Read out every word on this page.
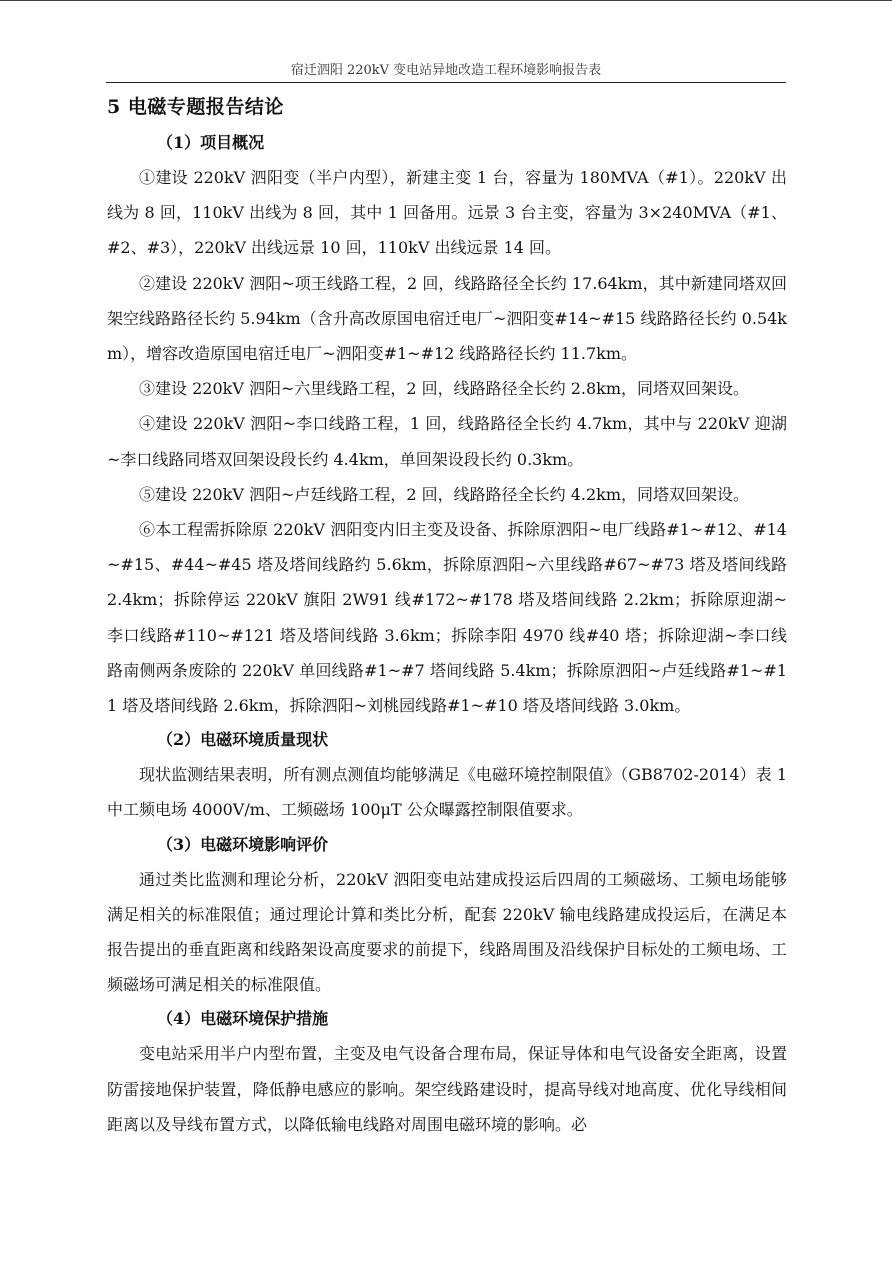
宿迁泗阳 220kV 变电站异地改造工程环境影响报告表
5 电磁专题报告结论
（1）项目概况

①建设 220kV 泗阳变（半户内型），新建主变 1 台，容量为 180MVA（#1）。220kV 出线为 8 回，110kV 出线为 8 回，其中 1 回备用。远景 3 台主变，容量为 3×240MVA（#1、#2、#3），220kV 出线远景 10 回，110kV 出线远景 14 回。

②建设 220kV 泗阳~项王线路工程，2 回，线路路径全长约 17.64km，其中新建同塔双回架空线路路径长约 5.94km（含升高改原国电宿迁电厂~泗阳变#14~#15 线路路径长约 0.54km），增容改造原国电宿迁电厂~泗阳变#1~#12 线路路径长约 11.7km。

③建设 220kV 泗阳~六里线路工程，2 回，线路路径全长约 2.8km，同塔双回架设。

④建设 220kV 泗阳~李口线路工程，1 回，线路路径全长约 4.7km，其中与 220kV 迎湖~李口线路同塔双回架设段长约 4.4km，单回架设段长约 0.3km。

⑤建设 220kV 泗阳~卢廷线路工程，2 回，线路路径全长约 4.2km，同塔双回架设。

⑥本工程需拆除原 220kV 泗阳变内旧主变及设备、拆除原泗阳~电厂线路#1~#12、#14~#15、#44~#45 塔及塔间线路约 5.6km，拆除原泗阳~六里线路#67~#73 塔及塔间线路 2.4km；拆除停运 220kV 旗阳 2W91 线#172~#178 塔及塔间线路 2.2km；拆除原迎湖~李口线路#110~#121 塔及塔间线路 3.6km；拆除李阳 4970 线#40 塔；拆除迎湖~李口线路南侧两条废除的 220kV 单回线路#1~#7 塔间线路 5.4km；拆除原泗阳~卢廷线路#1~#11 塔及塔间线路 2.6km，拆除泗阳~刘桃园线路#1~#10 塔及塔间线路 3.0km。

（2）电磁环境质量现状

现状监测结果表明，所有测点测值均能够满足《电磁环境控制限值》（GB8702-2014）表 1 中工频电场 4000V/m、工频磁场 100μT 公众曝露控制限值要求。

（3）电磁环境影响评价

通过类比监测和理论分析，220kV 泗阳变电站建成投运后四周的工频磁场、工频电场能够满足相关的标准限值；通过理论计算和类比分析，配套 220kV 输电线路建成投运后，在满足本报告提出的垂直距离和线路架设高度要求的前提下，线路周围及沿线保护目标处的工频电场、工频磁场可满足相关的标准限值。

（4）电磁环境保护措施

变电站采用半户内型布置，主变及电气设备合理布局，保证导体和电气设备安全距离，设置防雷接地保护装置，降低静电感应的影响。架空线路建设时，提高导线对地高度、优化导线相间距离以及导线布置方式，以降低输电线路对周围电磁环境的影响。必
